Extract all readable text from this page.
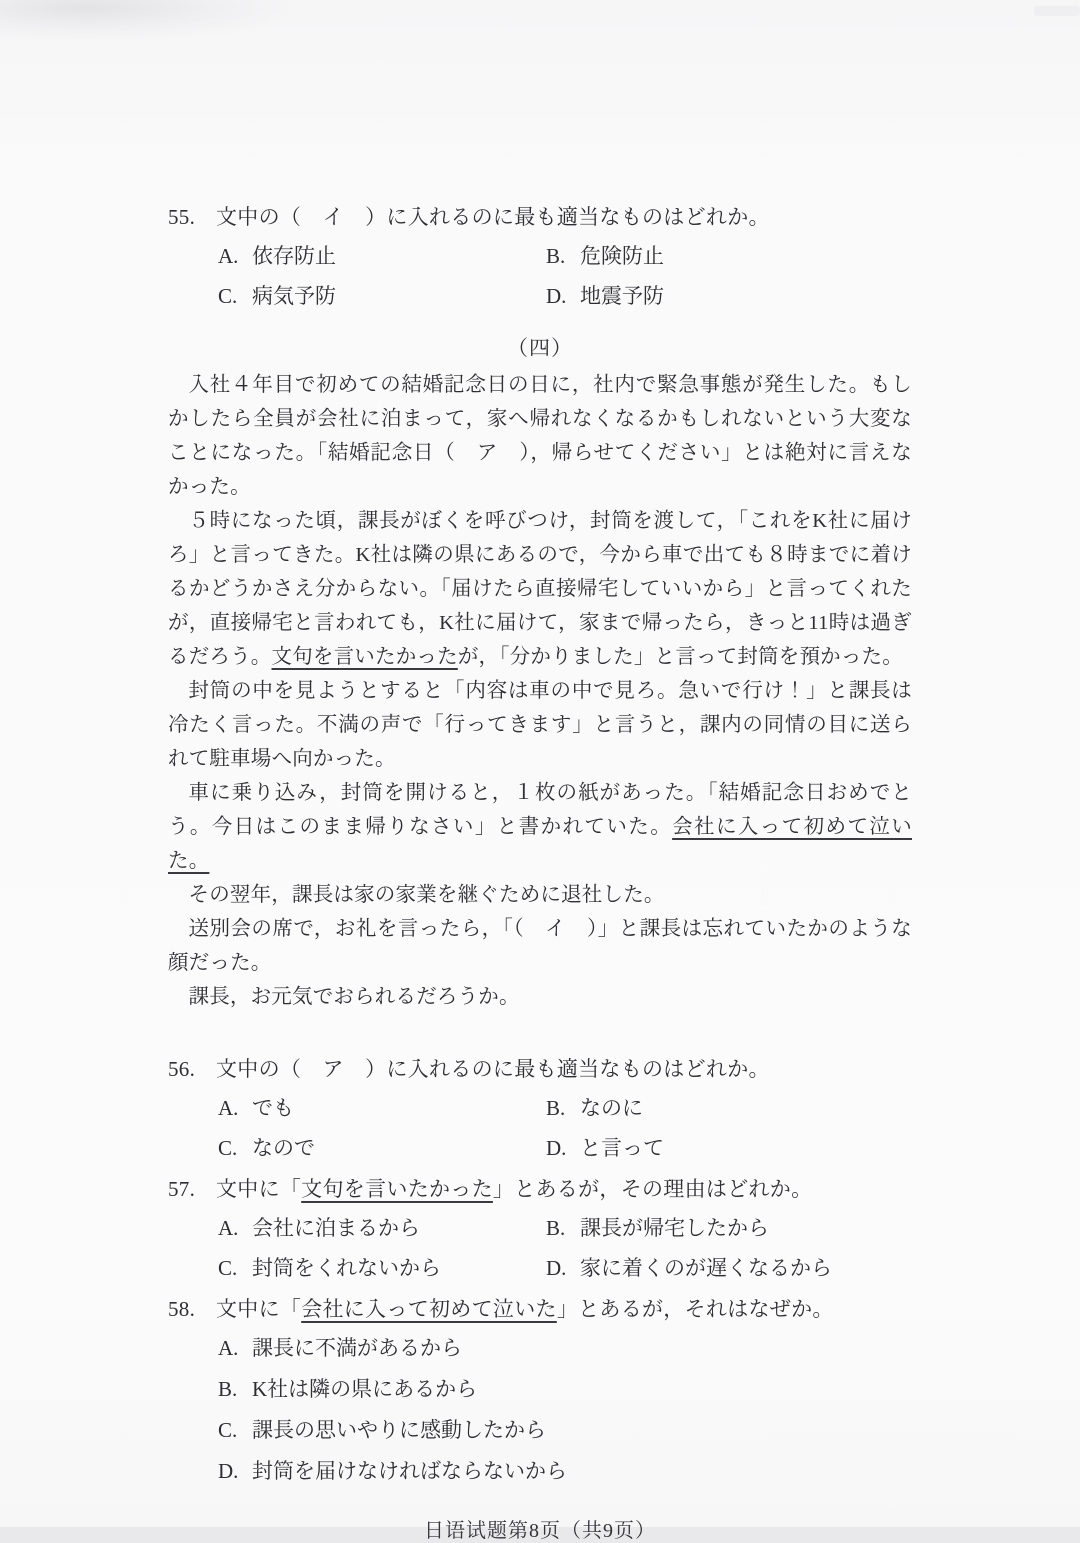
55. 文中の（　イ　）に入れるのに最も適当なものはどれか。
A. 依存防止	B. 危険防止
C. 病気予防	D. 地震予防
（四）

入社４年目で初めての結婚記念日の日に，社内で緊急事態が発生した。もしかしたら全員が会社に泊まって，家へ帰れなくなるかもしれないという大変なことになった。「結婚記念日（　ア　），帰らせてください」とは絶対に言えなかった。

５時になった頃，課長がぼくを呼びつけ，封筒を渡して，「これをK社に届けろ」と言ってきた。K社は隣の県にあるので，今から車で出ても８時までに着けるかどうかさえ分からない。「届けたら直接帰宅していいから」と言ってくれたが，直接帰宅と言われても，K社に届けて，家まで帰ったら，きっと11時は過ぎるだろう。文句を言いたかったが，「分かりました」と言って封筒を預かった。

封筒の中を見ようとすると「内容は車の中で見ろ。急いで行け！」と課長は冷たく言った。不満の声で「行ってきます」と言うと，課内の同情の目に送られて駐車場へ向かった。

車に乗り込み，封筒を開けると，１枚の紙があった。「結婚記念日おめでとう。今日はこのまま帰りなさい」と書かれていた。会社に入って初めて泣いた。

その翌年，課長は家の家業を継ぐために退社した。

送別会の席で，お礼を言ったら，「（　イ　）」と課長は忘れていたかのような顔だった。

課長，お元気でおられるだろうか。

56. 文中の（　ア　）に入れるのに最も適当なものはどれか。
A. でも	B. なのに
C. なので	D. と言って
57. 文中に「文句を言いたかった」とあるが，その理由はどれか。
A. 会社に泊まるから	B. 課長が帰宅したから
C. 封筒をくれないから	D. 家に着くのが遅くなるから
58. 文中に「会社に入って初めて泣いた」とあるが，それはなぜか。
A. 課長に不満があるから
B. K社は隣の県にあるから
C. 課長の思いやりに感動したから
D. 封筒を届けなければならないから
日语试题第8页（共9页）
